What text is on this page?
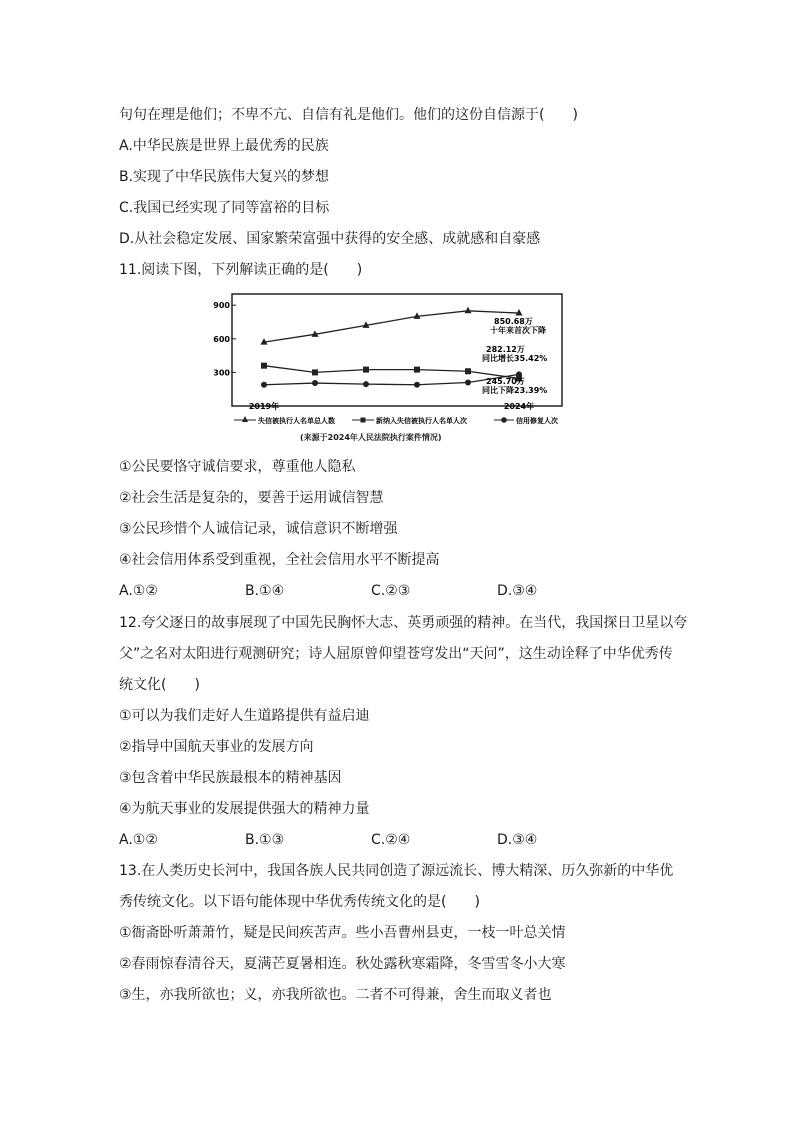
句句在理是他们；不卑不亢、自信有礼是他们。他们的这份自信源于(　　)
A.中华民族是世界上最优秀的民族
B.实现了中华民族伟大复兴的梦想
C.我国已经实现了同等富裕的目标
D.从社会稳定发展、国家繁荣富强中获得的安全感、成就感和自豪感
11.阅读下图，下列解读正确的是(　　)
300
600
900
2019年	2024年
850.68万
十年来首次下降
282.12万
同比增长35.42%
245.70万
同比下降23.39%
失信被执行人名单总人数	新纳入失信被执行人名单人次	信用修复人次
(来源于2024年人民法院执行案件情况)
①公民要恪守诚信要求，尊重他人隐私
②社会生活是复杂的，要善于运用诚信智慧
③公民珍惜个人诚信记录，诚信意识不断增强
④社会信用体系受到重视，全社会信用水平不断提高
A.①②	B.①④	C.②③	D.③④
12.夸父逐日的故事展现了中国先民胸怀大志、英勇顽强的精神。在当代，我国探日卫星以夸
父”之名对太阳进行观测研究；诗人屈原曾仰望苍穹发出“天问”，这生动诠释了中华优秀传
统文化(　　)
①可以为我们走好人生道路提供有益启迪
②指导中国航天事业的发展方向
③包含着中华民族最根本的精神基因
④为航天事业的发展提供强大的精神力量
A.①②	B.①③	C.②④	D.③④
13.在人类历史长河中，我国各族人民共同创造了源远流长、博大精深、历久弥新的中华优
秀传统文化。以下语句能体现中华优秀传统文化的是(　　)
①衙斋卧听萧萧竹，疑是民间疾苦声。些小吾曹州县吏，一枝一叶总关情
②春雨惊春清谷天，夏满芒夏暑相连。秋处露秋寒霜降，冬雪雪冬小大寒
③生，亦我所欲也；义，亦我所欲也。二者不可得兼，舍生而取义者也
